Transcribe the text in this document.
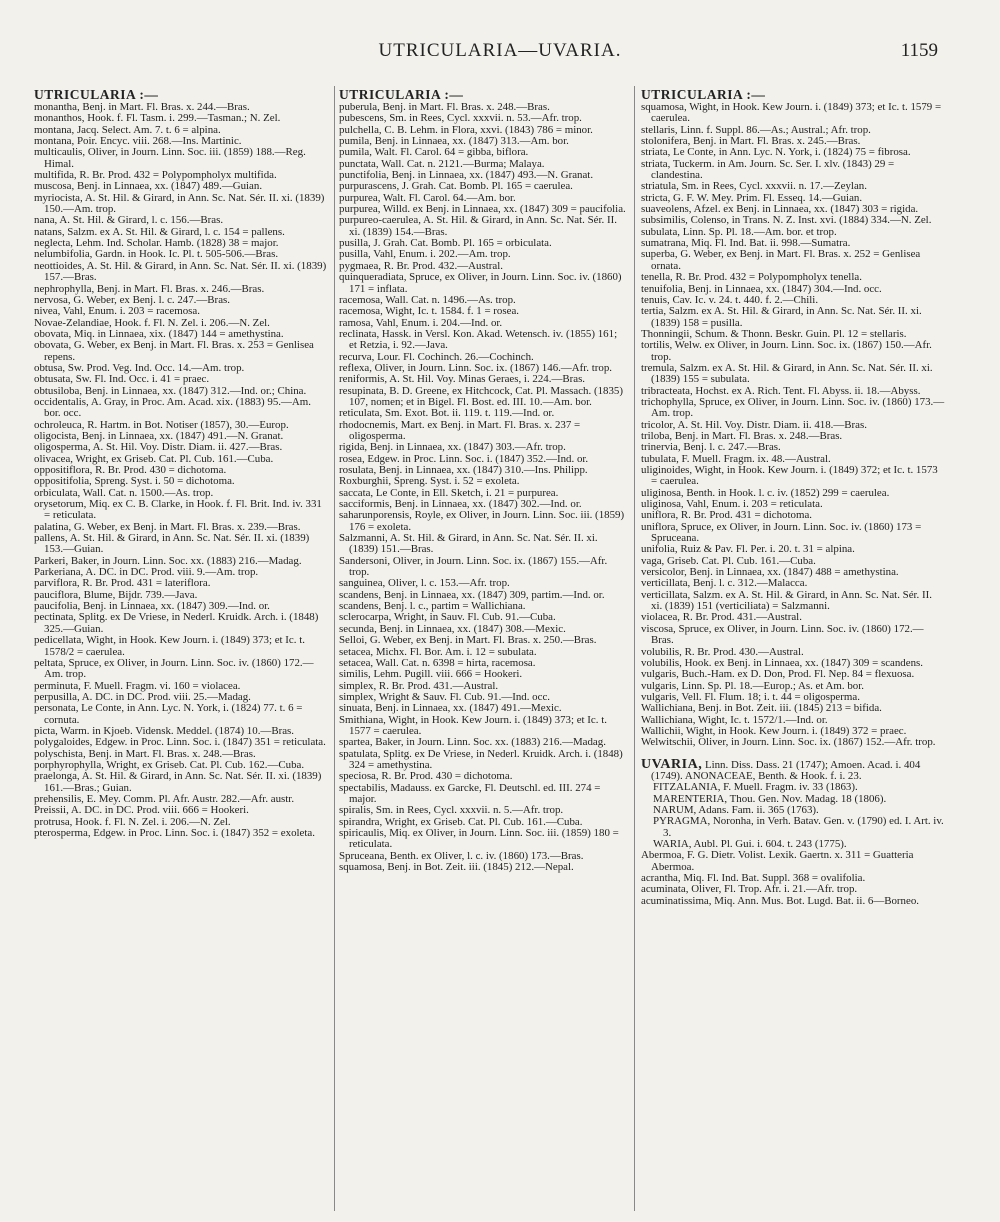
UTRICULARIA—UVARIA.	1159
UTRICULARIA :—

monantha, Benj. in Mart. Fl. Bras. x. 244.—Bras.

monanthos, Hook. f. Fl. Tasm. i. 299.—Tasman.; N. Zel.

montana, Jacq. Select. Am. 7. t. 6 = alpina.

montana, Poir. Encyc. viii. 268.—Ins. Martinic.

multicaulis, Oliver, in Journ. Linn. Soc. iii. (1859) 188.—Reg. Himal.

multifida, R. Br. Prod. 432 = Polypompholyx multifida.

muscosa, Benj. in Linnaea, xx. (1847) 489.—Guian.

myriocista, A. St. Hil. & Girard, in Ann. Sc. Nat. Sér. II. xi. (1839) 150.—Am. trop.

nana, A. St. Hil. & Girard, l. c. 156.—Bras.

natans, Salzm. ex A. St. Hil. & Girard, l. c. 154 = pallens.

neglecta, Lehm. Ind. Scholar. Hamb. (1828) 38 = major.

nelumbifolia, Gardn. in Hook. Ic. Pl. t. 505-506.—Bras.

neottioides, A. St. Hil. & Girard, in Ann. Sc. Nat. Sér. II. xi. (1839) 157.—Bras.

nephrophylla, Benj. in Mart. Fl. Bras. x. 246.—Bras.

nervosa, G. Weber, ex Benj. l. c. 247.—Bras.

nivea, Vahl, Enum. i. 203 = racemosa.

Novae-Zelandiae, Hook. f. Fl. N. Zel. i. 206.—N. Zel.

obovata, Miq. in Linnaea, xix. (1847) 144 = amethystina.

obovata, G. Weber, ex Benj. in Mart. Fl. Bras. x. 253 = Genlisea repens.

obtusa, Sw. Prod. Veg. Ind. Occ. 14.—Am. trop.

obtusata, Sw. Fl. Ind. Occ. i. 41 = praec.

obtusiloba, Benj. in Linnaea, xx. (1847) 312.—Ind. or.; China.

occidentalis, A. Gray, in Proc. Am. Acad. xix. (1883) 95.—Am. bor. occ.

ochroleuca, R. Hartm. in Bot. Notiser (1857), 30.—Europ.

oligocista, Benj. in Linnaea, xx. (1847) 491.—N. Granat.

oligosperma, A. St. Hil. Voy. Distr. Diam. ii. 427.—Bras.

olivacea, Wright, ex Griseb. Cat. Pl. Cub. 161.—Cuba.

oppositiflora, R. Br. Prod. 430 = dichotoma.

oppositifolia, Spreng. Syst. i. 50 = dichotoma.

orbiculata, Wall. Cat. n. 1500.—As. trop.

orysetorum, Miq. ex C. B. Clarke, in Hook. f. Fl. Brit. Ind. iv. 331 = reticulata.

palatina, G. Weber, ex Benj. in Mart. Fl. Bras. x. 239.—Bras.

pallens, A. St. Hil. & Girard, in Ann. Sc. Nat. Sér. II. xi. (1839) 153.—Guian.

Parkeri, Baker, in Journ. Linn. Soc. xx. (1883) 216.—Madag.

Parkeriana, A. DC. in DC. Prod. viii. 9.—Am. trop.

parviflora, R. Br. Prod. 431 = lateriflora.

pauciflora, Blume, Bijdr. 739.—Java.

paucifolia, Benj. in Linnaea, xx. (1847) 309.—Ind. or.

pectinata, Splitg. ex De Vriese, in Nederl. Kruidk. Arch. i. (1848) 325.—Guian.

pedicellata, Wight, in Hook. Kew Journ. i. (1849) 373; et Ic. t. 1578/2 = caerulea.

peltata, Spruce, ex Oliver, in Journ. Linn. Soc. iv. (1860) 172.—Am. trop.

perminuta, F. Muell. Fragm. vi. 160 = violacea.

perpusilla, A. DC. in DC. Prod. viii. 25.—Madag.

personata, Le Conte, in Ann. Lyc. N. York, i. (1824) 77. t. 6 = cornuta.

picta, Warm. in Kjoeb. Vidensk. Meddel. (1874) 10.—Bras.

polygaloides, Edgew. in Proc. Linn. Soc. i. (1847) 351 = reticulata.

polyschista, Benj. in Mart. Fl. Bras. x. 248.—Bras.

porphyrophylla, Wright, ex Griseb. Cat. Pl. Cub. 162.—Cuba.

praelonga, A. St. Hil. & Girard, in Ann. Sc. Nat. Sér. II. xi. (1839) 161.—Bras.; Guian.

prehensilis, E. Mey. Comm. Pl. Afr. Austr. 282.—Afr. austr.

Preissii, A. DC. in DC. Prod. viii. 666 = Hookeri.

protrusa, Hook. f. Fl. N. Zel. i. 206.—N. Zel.

pterosperma, Edgew. in Proc. Linn. Soc. i. (1847) 352 = exoleta.

UTRICULARIA :—

puberula, Benj. in Mart. Fl. Bras. x. 248.—Bras.

pubescens, Sm. in Rees, Cycl. xxxvii. n. 53.—Afr. trop.

pulchella, C. B. Lehm. in Flora, xxvi. (1843) 786 = minor.

pumila, Benj. in Linnaea, xx. (1847) 313.—Am. bor.

pumila, Walt. Fl. Carol. 64 = gibba, biflora.

punctata, Wall. Cat. n. 2121.—Burma; Malaya.

punctifolia, Benj. in Linnaea, xx. (1847) 493.—N. Granat.

purpurascens, J. Grah. Cat. Bomb. Pl. 165 = caerulea.

purpurea, Walt. Fl. Carol. 64.—Am. bor.

purpurea, Willd. ex Benj. in Linnaea, xx. (1847) 309 = paucifolia.

purpureo-caerulea, A. St. Hil. & Girard, in Ann. Sc. Nat. Sér. II. xi. (1839) 154.—Bras.

pusilla, J. Grah. Cat. Bomb. Pl. 165 = orbiculata.

pusilla, Vahl, Enum. i. 202.—Am. trop.

pygmaea, R. Br. Prod. 432.—Austral.

quinqueradiata, Spruce, ex Oliver, in Journ. Linn. Soc. iv. (1860) 171 = inflata.

racemosa, Wall. Cat. n. 1496.—As. trop.

racemosa, Wight, Ic. t. 1584. f. 1 = rosea.

ramosa, Vahl, Enum. i. 204.—Ind. or.

reclinata, Hassk. in Versl. Kon. Akad. Wetensch. iv. (1855) 161; et Retzia, i. 92.—Java.

recurva, Lour. Fl. Cochinch. 26.—Cochinch.

reflexa, Oliver, in Journ. Linn. Soc. ix. (1867) 146.—Afr. trop.

reniformis, A. St. Hil. Voy. Minas Geraes, i. 224.—Bras.

resupinata, B. D. Greene, ex Hitchcock, Cat. Pl. Massach. (1835) 107, nomen; et in Bigel. Fl. Bost. ed. III. 10.—Am. bor.

reticulata, Sm. Exot. Bot. ii. 119. t. 119.—Ind. or.

rhodocnemis, Mart. ex Benj. in Mart. Fl. Bras. x. 237 = oligosperma.

rigida, Benj. in Linnaea, xx. (1847) 303.—Afr. trop.

rosea, Edgew. in Proc. Linn. Soc. i. (1847) 352.—Ind. or.

rosulata, Benj. in Linnaea, xx. (1847) 310.—Ins. Philipp.

Roxburghii, Spreng. Syst. i. 52 = exoleta.

saccata, Le Conte, in Ell. Sketch, i. 21 = purpurea.

sacciformis, Benj. in Linnaea, xx. (1847) 302.—Ind. or.

saharunporensis, Royle, ex Oliver, in Journ. Linn. Soc. iii. (1859) 176 = exoleta.

Salzmanni, A. St. Hil. & Girard, in Ann. Sc. Nat. Sér. II. xi. (1839) 151.—Bras.

Sandersoni, Oliver, in Journ. Linn. Soc. ix. (1867) 155.—Afr. trop.

sanguinea, Oliver, l. c. 153.—Afr. trop.

scandens, Benj. in Linnaea, xx. (1847) 309, partim.—Ind. or.

scandens, Benj. l. c., partim = Wallichiana.

sclerocarpa, Wright, in Sauv. Fl. Cub. 91.—Cuba.

secunda, Benj. in Linnaea, xx. (1847) 308.—Mexic.

Selloi, G. Weber, ex Benj. in Mart. Fl. Bras. x. 250.—Bras.

setacea, Michx. Fl. Bor. Am. i. 12 = subulata.

setacea, Wall. Cat. n. 6398 = hirta, racemosa.

similis, Lehm. Pugill. viii. 666 = Hookeri.

simplex, R. Br. Prod. 431.—Austral.

simplex, Wright & Sauv. Fl. Cub. 91.—Ind. occ.

sinuata, Benj. in Linnaea, xx. (1847) 491.—Mexic.

Smithiana, Wight, in Hook. Kew Journ. i. (1849) 373; et Ic. t. 1577 = caerulea.

spartea, Baker, in Journ. Linn. Soc. xx. (1883) 216.—Madag.

spatulata, Splitg. ex De Vriese, in Nederl. Kruidk. Arch. i. (1848) 324 = amethystina.

speciosa, R. Br. Prod. 430 = dichotoma.

spectabilis, Madauss. ex Garcke, Fl. Deutschl. ed. III. 274 = major.

spiralis, Sm. in Rees, Cycl. xxxvii. n. 5.—Afr. trop.

spirandra, Wright, ex Griseb. Cat. Pl. Cub. 161.—Cuba.

spiricaulis, Miq. ex Oliver, in Journ. Linn. Soc. iii. (1859) 180 = reticulata.

Spruceana, Benth. ex Oliver, l. c. iv. (1860) 173.—Bras.

squamosa, Benj. in Bot. Zeit. iii. (1845) 212.—Nepal.

UTRICULARIA :—

squamosa, Wight, in Hook. Kew Journ. i. (1849) 373; et Ic. t. 1579 = caerulea.

stellaris, Linn. f. Suppl. 86.—As.; Austral.; Afr. trop.

stolonifera, Benj. in Mart. Fl. Bras. x. 245.—Bras.

striata, Le Conte, in Ann. Lyc. N. York, i. (1824) 75 = fibrosa.

striata, Tuckerm. in Am. Journ. Sc. Ser. I. xlv. (1843) 29 = clandestina.

striatula, Sm. in Rees, Cycl. xxxvii. n. 17.—Zeylan.

stricta, G. F. W. Mey. Prim. Fl. Esseq. 14.—Guian.

suaveolens, Afzel. ex Benj. in Linnaea, xx. (1847) 303 = rigida.

subsimilis, Colenso, in Trans. N. Z. Inst. xvi. (1884) 334.—N. Zel.

subulata, Linn. Sp. Pl. 18.—Am. bor. et trop.

sumatrana, Miq. Fl. Ind. Bat. ii. 998.—Sumatra.

superba, G. Weber, ex Benj. in Mart. Fl. Bras. x. 252 = Genlisea ornata.

tenella, R. Br. Prod. 432 = Polypompholyx tenella.

tenuifolia, Benj. in Linnaea, xx. (1847) 304.—Ind. occ.

tenuis, Cav. Ic. v. 24. t. 440. f. 2.—Chili.

tertia, Salzm. ex A. St. Hil. & Girard, in Ann. Sc. Nat. Sér. II. xi. (1839) 158 = pusilla.

Thonningii, Schum. & Thonn. Beskr. Guin. Pl. 12 = stellaris.

tortilis, Welw. ex Oliver, in Journ. Linn. Soc. ix. (1867) 150.—Afr. trop.

tremula, Salzm. ex A. St. Hil. & Girard, in Ann. Sc. Nat. Sér. II. xi. (1839) 155 = subulata.

tribracteata, Hochst. ex A. Rich. Tent. Fl. Abyss. ii. 18.—Abyss.

trichophylla, Spruce, ex Oliver, in Journ. Linn. Soc. iv. (1860) 173.—Am. trop.

tricolor, A. St. Hil. Voy. Distr. Diam. ii. 418.—Bras.

triloba, Benj. in Mart. Fl. Bras. x. 248.—Bras.

trinervia, Benj. l. c. 247.—Bras.

tubulata, F. Muell. Fragm. ix. 48.—Austral.

uliginoides, Wight, in Hook. Kew Journ. i. (1849) 372; et Ic. t. 1573 = caerulea.

uliginosa, Benth. in Hook. l. c. iv. (1852) 299 = caerulea.

uliginosa, Vahl, Enum. i. 203 = reticulata.

uniflora, R. Br. Prod. 431 = dichotoma.

uniflora, Spruce, ex Oliver, in Journ. Linn. Soc. iv. (1860) 173 = Spruceana.

unifolia, Ruiz & Pav. Fl. Per. i. 20. t. 31 = alpina.

vaga, Griseb. Cat. Pl. Cub. 161.—Cuba.

versicolor, Benj. in Linnaea, xx. (1847) 488 = amethystina.

verticillata, Benj. l. c. 312.—Malacca.

verticillata, Salzm. ex A. St. Hil. & Girard, in Ann. Sc. Nat. Sér. II. xi. (1839) 151 (verticiliata) = Salzmanni.

violacea, R. Br. Prod. 431.—Austral.

viscosa, Spruce, ex Oliver, in Journ. Linn. Soc. iv. (1860) 172.—Bras.

volubilis, R. Br. Prod. 430.—Austral.

volubilis, Hook. ex Benj. in Linnaea, xx. (1847) 309 = scandens.

vulgaris, Buch.-Ham. ex D. Don, Prod. Fl. Nep. 84 = flexuosa.

vulgaris, Linn. Sp. Pl. 18.—Europ.; As. et Am. bor.

vulgaris, Vell. Fl. Flum. 18; i. t. 44 = oligosperma.

Wallichiana, Benj. in Bot. Zeit. iii. (1845) 213 = bifida.

Wallichiana, Wight, Ic. t. 1572/1.—Ind. or.

Wallichii, Wight, in Hook. Kew Journ. i. (1849) 372 = praec.

Welwitschii, Oliver, in Journ. Linn. Soc. ix. (1867) 152.—Afr. trop.

UVARIA, Linn. Diss. Dass. 21 (1747); Amoen. Acad. i. 404 (1749). ANONACEAE, Benth. & Hook. f. i. 23.

FITZALANIA, F. Muell. Fragm. iv. 33 (1863).

MARENTERIA, Thou. Gen. Nov. Madag. 18 (1806).

NARUM, Adans. Fam. ii. 365 (1763).

PYRAGMA, Noronha, in Verh. Batav. Gen. v. (1790) ed. I. Art. iv. 3.

WARIA, Aubl. Pl. Gui. i. 604. t. 243 (1775).

Abermoa, F. G. Dietr. Volist. Lexik. Gaertn. x. 311 = Guatteria Abermoa.

acrantha, Miq. Fl. Ind. Bat. Suppl. 368 = ovalifolia.

acuminata, Oliver, Fl. Trop. Afr. i. 21.—Afr. trop.

acuminatissima, Miq. Ann. Mus. Bot. Lugd. Bat. ii. 6—Borneo.
